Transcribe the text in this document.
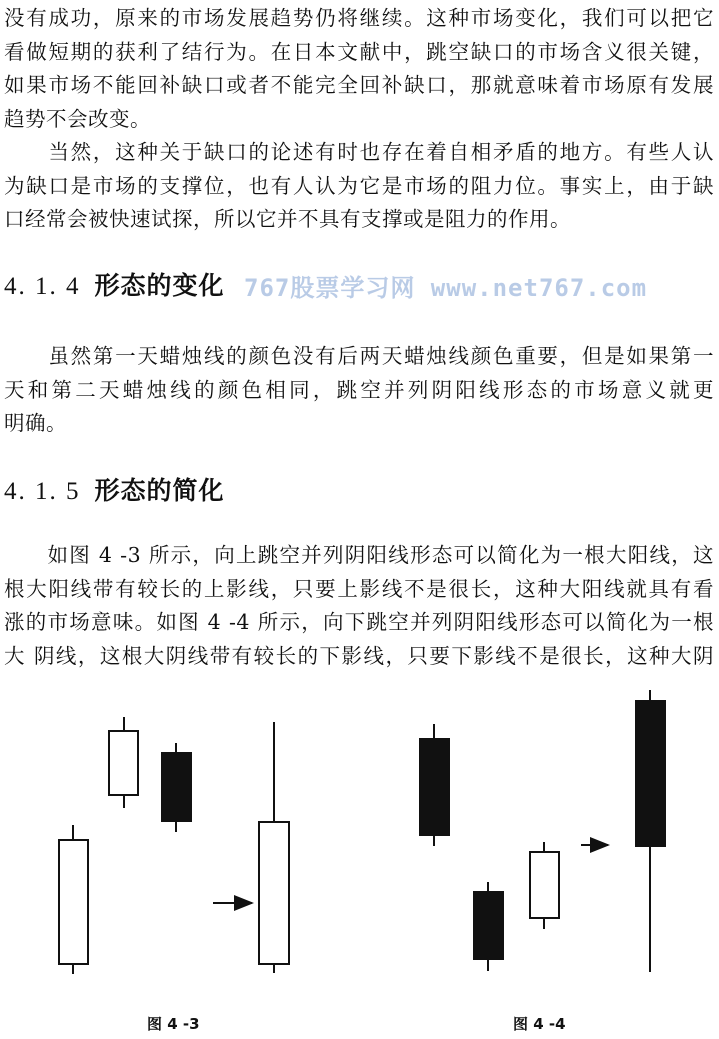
没有成功，原来的市场发展趋势仍将继续。这种市场变化，我们可以把它
看做短期的获利了结行为。在日本文献中，跳空缺口的市场含义很关键，
如果市场不能回补缺口或者不能完全回补缺口，那就意味着市场原有发展
趋势不会改变。
　　当然，这种关于缺口的论述有时也存在着自相矛盾的地方。有些人认
为缺口是市场的支撑位，也有人认为它是市场的阻力位。事实上，由于缺
口经常会被快速试探，所以它并不具有支撑或是阻力的作用。
4. 1. 4 形态的变化 767股票学习网 www.net767.com
　　虽然第一天蜡烛线的颜色没有后两天蜡烛线颜色重要，但是如果第一
天和第二天蜡烛线的颜色相同，跳空并列阴阳线形态的市场意义就更
明确。
4. 1. 5 形态的简化
　　如图 4 -3 所示，向上跳空并列阴阳线形态可以简化为一根大阳线，这
根大阳线带有较长的上影线，只要上影线不是很长，这种大阳线就具有看
涨的市场意味。如图 4 -4 所示，向下跳空并列阴阳线形态可以简化为一根
大 阴线，这根大阴线带有较长的下影线，只要下影线不是很长，这种大阴
图 4 -3	图 4 -4
